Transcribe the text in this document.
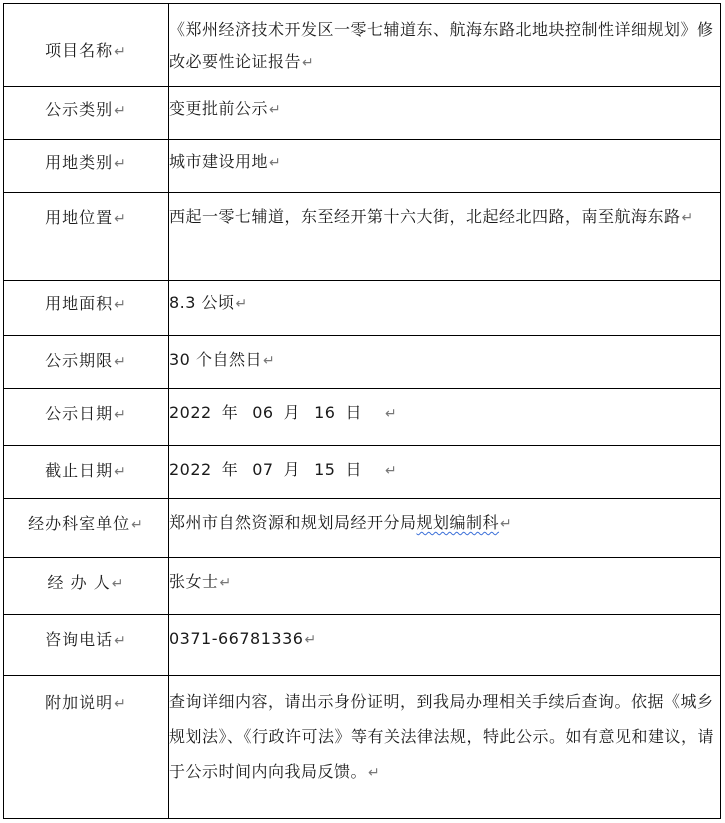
项目名称↵	《郑州经济技术开发区一零七辅道东、航海东路北地块控制性详细规划》修改必要性论证报告↵
公示类别↵	变更批前公示↵
用地类别↵	城市建设用地↵
用地位置↵	西起一零七辅道，东至经开第十六大街，北起经北四路，南至航海东路↵
用地面积↵	8.3 公顷↵
公示期限↵	30 个自然日↵
公示日期↵	2022 年 06 月 16 日 ↵
截止日期↵	2022 年 07 月 15 日 ↵
经办科室单位↵	郑州市自然资源和规划局经开分局规划编制科↵
经 办 人↵	张女士↵
咨询电话↵	0371-66781336↵
附加说明↵	查询详细内容，请出示身份证明，到我局办理相关手续后查询。依据《城乡规划法》、《行政许可法》等有关法律法规，特此公示。如有意见和建议，请于公示时间内向我局反馈。↵
